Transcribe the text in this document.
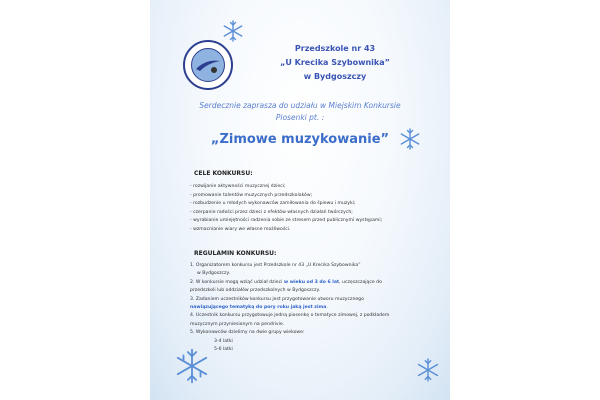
Przedszkole nr 43
„U Krecika Szybownika”
w Bydgoszczy
Serdecznie zaprasza do udziału w Miejskim Konkursie
Piosenki pt. :
„Zimowe muzykowanie”
CELE KONKURSU:
- rozwijanie aktywności muzycznej dzieci;
- promowanie talentów muzycznych przedszkolaków;
- rozbudzenie u młodych wykonawców zamiłowania do śpiewu i muzyki;
- czerpanie radości przez dzieci z efektów własnych działań twórczych;
- wyrabianie umiejętności radzenia sobie ze stresem przed publicznymi występami;
- wzmacnianie wiary we własne możliwości.
REGULAMIN KONKURSU:
1. Organizatorem konkursu jest Przedszkole nr 43 „U Krecika Szybownika”
w Bydgoszczy.
2. W konkursie mogą wziąć udział dzieci w wieku od 3 do 6 lat, uczęszczające do
przedszkoli lub oddziałów przedszkolnych w Bydgoszczy.
3. Zadaniem uczestników konkursu jest przygotowanie utworu muzycznego
nawiązującego tematyką do pory roku jaką jest zima.
4. Uczestnik konkursu przygotowuje jedną piosenkę o tematyce zimowej, z podkładem
muzycznym przyniesionym na pendrivie.
5. Wykonawców dzielimy na dwie grupy wiekowe:
3-4 latki
5-6 latki
